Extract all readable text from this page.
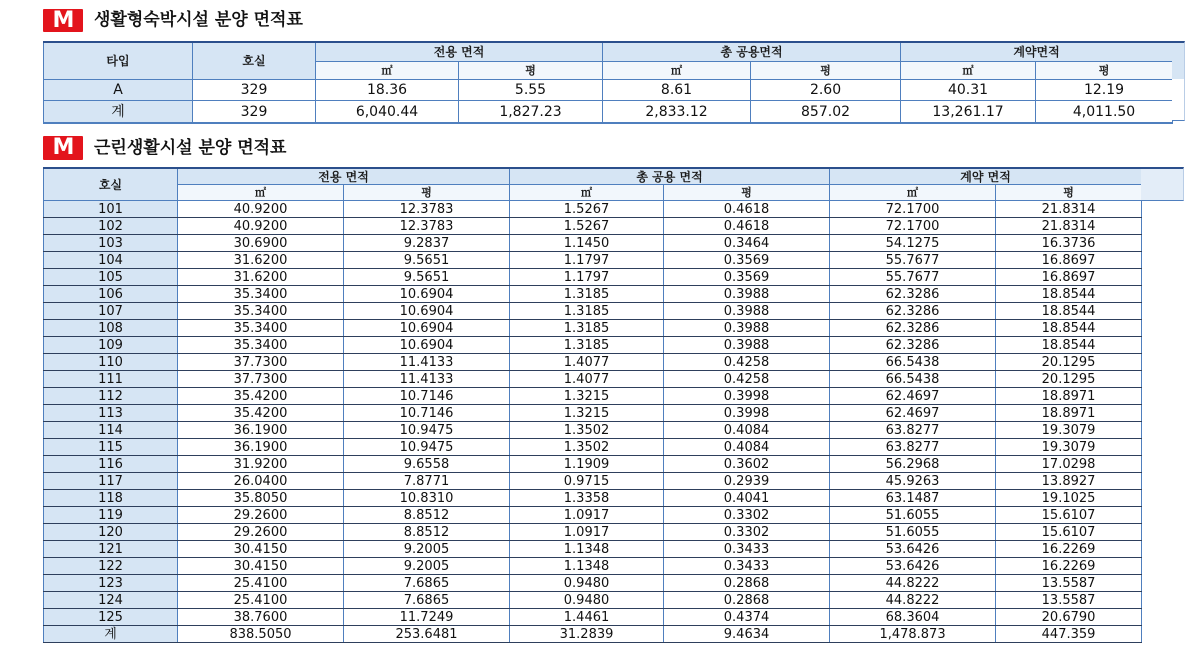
M	생활형숙박시설 분양 면적표
타입	호실	전용 면적		총 공용면적		계약면적	
		㎡	평	㎡	평	㎡	평
A	329	18.36	5.55	8.61	2.60	40.31	12.19
계	329	6,040.44	1,827.23	2,833.12	857.02	13,261.17	4,011.50
M	근린생활시설 분양 면적표
호실	전용 면적		총 공용 면적		계약 면적	
	㎡	평	㎡	평	㎡	평
101	40.9200	12.3783	1.5267	0.4618	72.1700	21.8314
102	40.9200	12.3783	1.5267	0.4618	72.1700	21.8314
103	30.6900	9.2837	1.1450	0.3464	54.1275	16.3736
104	31.6200	9.5651	1.1797	0.3569	55.7677	16.8697
105	31.6200	9.5651	1.1797	0.3569	55.7677	16.8697
106	35.3400	10.6904	1.3185	0.3988	62.3286	18.8544
107	35.3400	10.6904	1.3185	0.3988	62.3286	18.8544
108	35.3400	10.6904	1.3185	0.3988	62.3286	18.8544
109	35.3400	10.6904	1.3185	0.3988	62.3286	18.8544
110	37.7300	11.4133	1.4077	0.4258	66.5438	20.1295
111	37.7300	11.4133	1.4077	0.4258	66.5438	20.1295
112	35.4200	10.7146	1.3215	0.3998	62.4697	18.8971
113	35.4200	10.7146	1.3215	0.3998	62.4697	18.8971
114	36.1900	10.9475	1.3502	0.4084	63.8277	19.3079
115	36.1900	10.9475	1.3502	0.4084	63.8277	19.3079
116	31.9200	9.6558	1.1909	0.3602	56.2968	17.0298
117	26.0400	7.8771	0.9715	0.2939	45.9263	13.8927
118	35.8050	10.8310	1.3358	0.4041	63.1487	19.1025
119	29.2600	8.8512	1.0917	0.3302	51.6055	15.6107
120	29.2600	8.8512	1.0917	0.3302	51.6055	15.6107
121	30.4150	9.2005	1.1348	0.3433	53.6426	16.2269
122	30.4150	9.2005	1.1348	0.3433	53.6426	16.2269
123	25.4100	7.6865	0.9480	0.2868	44.8222	13.5587
124	25.4100	7.6865	0.9480	0.2868	44.8222	13.5587
125	38.7600	11.7249	1.4461	0.4374	68.3604	20.6790
계	838.5050	253.6481	31.2839	9.4634	1,478.873	447.359
